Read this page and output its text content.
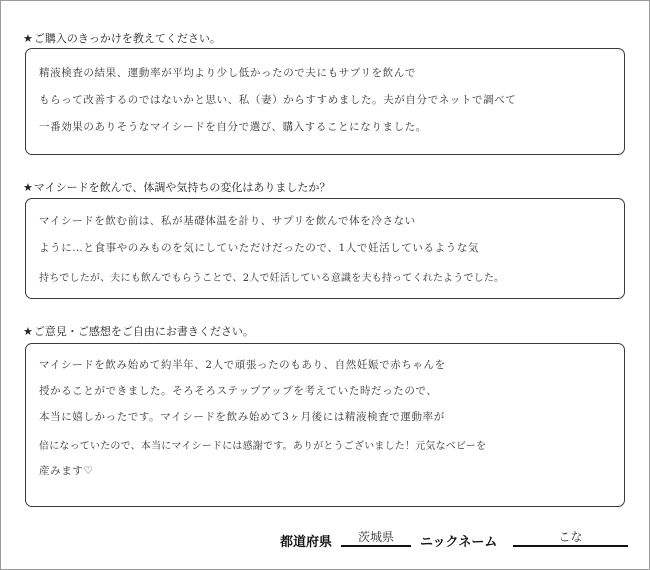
★ご購入のきっかけを教えてください。
精液検査の結果、運動率が平均より少し低かったので夫にもサプリを飲んで
もらって改善するのではないかと思い、私（妻）からすすめました。夫が自分でネットで調べて
一番効果のありそうなマイシードを自分で選び、購入することになりました。
★マイシードを飲んで、体調や気持ちの変化はありましたか？
マイシードを飲む前は、私が基礎体温を計り、サプリを飲んで体を冷さない
ように…と食事やのみものを気にしていただけだったので、1人で妊活しているような気
持ちでしたが、夫にも飲んでもらうことで、2人で妊活している意識を夫も持ってくれたようでした。
★ご意見・ご感想をご自由にお書きください。
マイシードを飲み始めて約半年、2人で頑張ったのもあり、自然妊娠で赤ちゃんを
授かることができました。そろそろステップアップを考えていた時だったので、
本当に嬉しかったです。マイシードを飲み始めて3ヶ月後には精液検査で運動率が
倍になっていたので、本当にマイシードには感謝です。ありがとうございました！元気なベビーを
産みます♡
都道府県	茨城県	ニックネーム	こな
